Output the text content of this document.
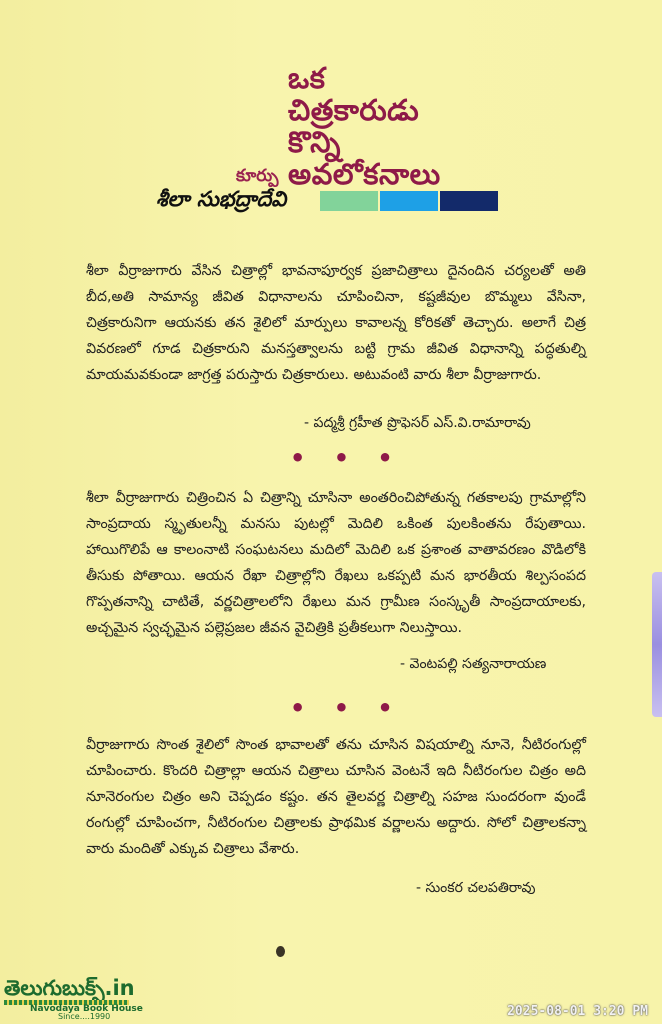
ఒక
చిత్రకారుడు
కొన్ని
అవలోకనాలు
కూర్పు
శీలా సుభద్రాదేవి
శీలా వీర్రాజుగారు వేసిన చిత్రాల్లో భావనాపూర్వక ప్రజాచిత్రాలు దైనందిన చర్యలతో అతి బీద,అతి సామాన్య జీవిత విధానాలను చూపించినా, కష్టజీవుల బొమ్మలు వేసినా, చిత్రకారునిగా ఆయనకు తన శైలిలో మార్పులు కావాలన్న కోరికతో తెచ్చారు. అలాగే చిత్ర వివరణలో గూడ చిత్రకారుని మనస్తత్వాలను బట్టి గ్రామ జీవిత విధానాన్ని పద్ధతుల్ని మాయమవకుండా జాగ్రత్త పరుస్తారు చిత్రకారులు. అటువంటి వారు శీలా వీర్రాజుగారు.
- పద్మశ్రీ గ్రహీత ప్రొఫెసర్ ఎస్.వి.రామారావు
• • •
శీలా వీర్రాజుగారు చిత్రించిన ఏ చిత్రాన్ని చూసినా అంతరించిపోతున్న గతకాలపు గ్రామాల్లోని సాంప్రదాయ స్మృతులన్నీ మనసు పుటల్లో మెదిలి ఒకింత పులకింతను రేపుతాయి. హాయిగొలిపే ఆ కాలంనాటి సంఘటనలు మదిలో మెదిలి ఒక ప్రశాంత వాతావరణం వొడిలోకి తీసుకు పోతాయి. ఆయన రేఖా చిత్రాల్లోని రేఖలు ఒకప్పటి మన భారతీయ శిల్పసంపద గొప్పతనాన్ని చాటితే, వర్ణచిత్రాలలోని రేఖలు మన గ్రామీణ సంస్కృతీ సాంప్రదాయాలకు, అచ్చమైన స్వచ్ఛమైన పల్లెప్రజల జీవన వైచిత్రికి ప్రతీకలుగా నిలుస్తాయి.
- వెంటపల్లి సత్యనారాయణ
• • •
వీర్రాజుగారు సొంత శైలిలో సొంత భావాలతో తను చూసిన విషయాల్ని నూనె, నీటిరంగుల్లో చూపించారు. కొందరి చిత్రాల్లా ఆయన చిత్రాలు చూసిన వెంటనే ఇది నీటిరంగుల చిత్రం అది నూనెరంగుల చిత్రం అని చెప్పడం కష్టం. తన తైలవర్ణ చిత్రాల్ని సహజ సుందరంగా వుండే రంగుల్లో చూపించగా, నీటిరంగుల చిత్రాలకు ప్రాథమిక వర్ణాలను అద్దారు. సోలో చిత్రాలకన్నా వారు మందితో ఎక్కువ చిత్రాలు వేశారు.
- సుంకర చలపతిరావు
తెలుగుబుక్స్.in
Navodaya Book House
Since....1990	2025-08-01 3:20 PM
